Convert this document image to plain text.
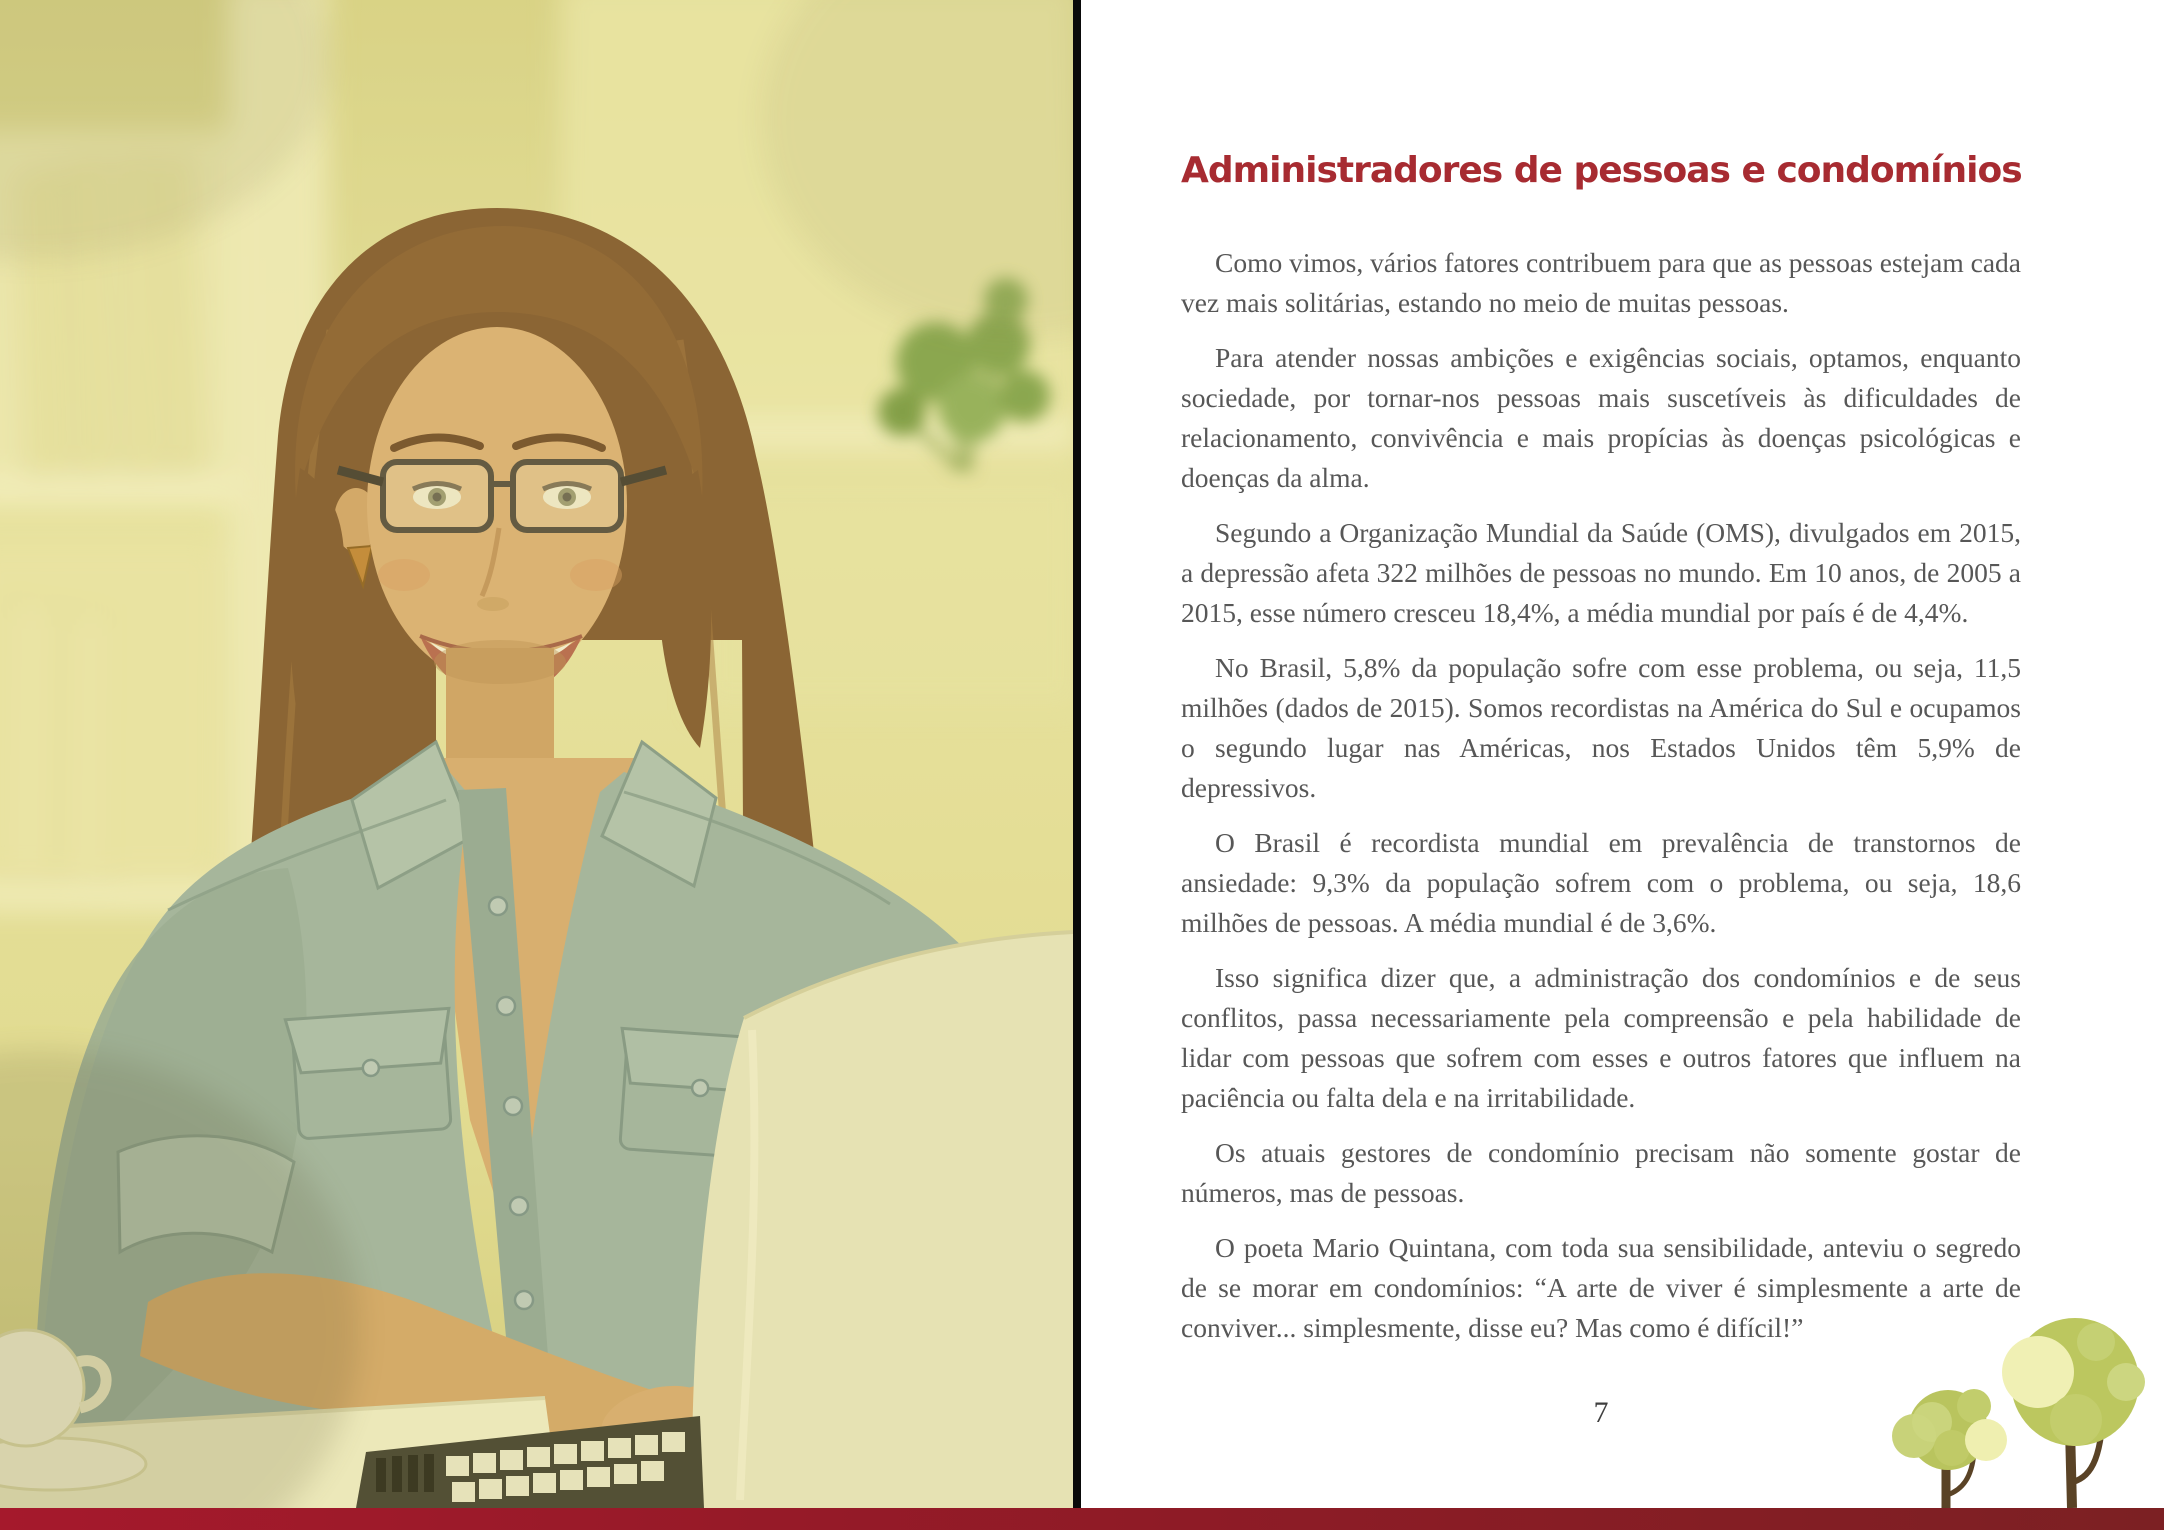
Administradores de pessoas e condomínios

Como vimos, vários fatores contribuem para que as pessoas estejam cada vez mais solitárias, estando no meio de muitas pessoas.

Para atender nossas ambições e exigências sociais, optamos, enquanto sociedade, por tornar-nos pessoas mais suscetíveis às dificuldades de relacionamento, convivência e mais propícias às doenças psicológicas e doenças da alma.

Segundo a Organização Mundial da Saúde (OMS), divulgados em 2015, a depressão afeta 322 milhões de pessoas no mundo. Em 10 anos, de 2005 a 2015, esse número cresceu 18,4%, a média mundial por país é de 4,4%.

No Brasil, 5,8% da população sofre com esse problema, ou seja, 11,5 milhões (dados de 2015). Somos recordistas na América do Sul e ocupamos o segundo lugar nas Américas, nos Estados Unidos têm 5,9% de depressivos.

O Brasil é recordista mundial em prevalência de transtornos de ansiedade: 9,3% da população sofrem com o problema, ou seja, 18,6 milhões de pessoas. A média mundial é de 3,6%.

Isso significa dizer que, a administração dos condomínios e de seus conflitos, passa necessariamente pela compreensão e pela habilidade de lidar com pessoas que sofrem com esses e outros fatores que influem na paciência ou falta dela e na irritabilidade.

Os atuais gestores de condomínio precisam não somente gostar de números, mas de pessoas.

O poeta Mario Quintana, com toda sua sensibilidade, anteviu o segredo de se morar em condomínios: “A arte de viver é simplesmente a arte de conviver... simplesmente, disse eu? Mas como é difícil!”

7
